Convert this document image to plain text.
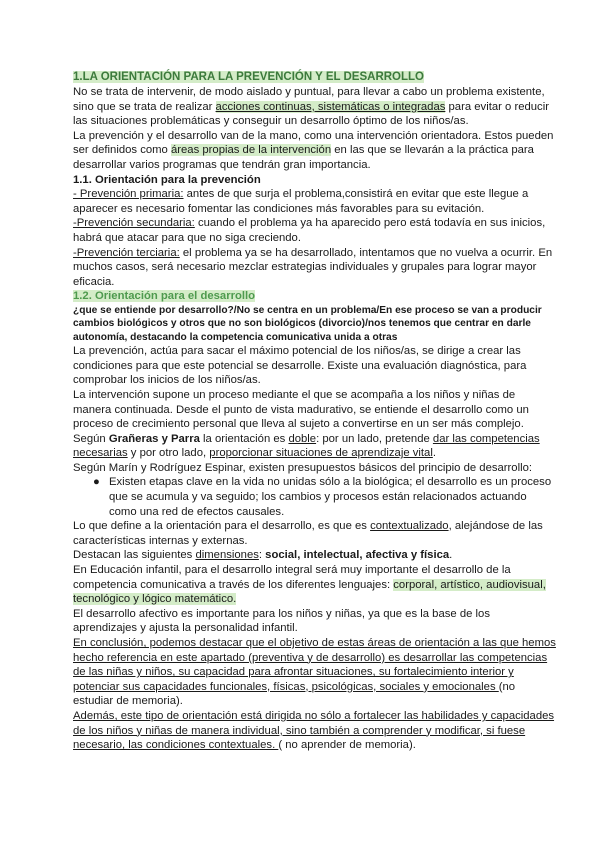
1.LA ORIENTACIÓN PARA LA PREVENCIÓN Y EL DESARROLLO

No se trata de intervenir, de modo aislado y puntual, para llevar a cabo un problema existente, sino que se trata de realizar acciones continuas, sistemáticas o integradas para evitar o reducir las situaciones problemáticas y conseguir un desarrollo óptimo de los niños/as.

La prevención y el desarrollo van de la mano, como una intervención orientadora. Estos pueden ser definidos como áreas propias de la intervención en las que se llevarán a la práctica para desarrollar varios programas que tendrán gran importancia.

1.1. Orientación para la prevención

- Prevención primaria: antes de que surja el problema,consistirá en evitar que este llegue a aparecer es necesario fomentar las condiciones más favorables para su evitación.

-Prevención secundaria: cuando el problema ya ha aparecido pero está todavía en sus inicios, habrá que atacar para que no siga creciendo.

-Prevención terciaria: el problema ya se ha desarrollado, intentamos que no vuelva a ocurrir. En muchos casos, será necesario mezclar estrategias individuales y grupales para lograr mayor eficacia.

1.2. Orientación para el desarrollo

¿que se entiende por desarrollo?/No se centra en un problema/En ese proceso se van a producir cambios biológicos y otros que no son biológicos (divorcio)/nos tenemos que centrar en darle autonomía, destacando la competencia comunicativa unida a otras

La prevención, actúa para sacar el máximo potencial de los niños/as, se dirige a crear las condiciones para que este potencial se desarrolle. Existe una evaluación diagnóstica, para comprobar los inicios de los niños/as.

La intervención supone un proceso mediante el que se acompaña a los niños y niñas de manera continuada. Desde el punto de vista madurativo, se entiende el desarrollo como un proceso de crecimiento personal que lleva al sujeto a convertirse en un ser más complejo.

Según Grañeras y Parra la orientación es doble: por un lado, pretende dar las competencias necesarias y por otro lado, proporcionar situaciones de aprendizaje vital.

Según Marín y Rodríguez Espinar, existen presupuestos básicos del principio de desarrollo:

● Existen etapas clave en la vida no unidas sólo a la biológica; el desarrollo es un proceso que se acumula y va seguido; los cambios y procesos están relacionados actuando como una red de efectos causales.

Lo que define a la orientación para el desarrollo, es que es contextualizado, alejándose de las características internas y externas.

Destacan las siguientes dimensiones: social, intelectual, afectiva y física.

En Educación infantil, para el desarrollo integral será muy importante el desarrollo de la competencia comunicativa a través de los diferentes lenguajes: corporal, artístico, audiovisual, tecnológico y lógico matemático.

El desarrollo afectivo es importante para los niños y niñas, ya que es la base de los aprendizajes y ajusta la personalidad infantil.

En conclusión, podemos destacar que el objetivo de estas áreas de orientación a las que hemos hecho referencia en este apartado (preventiva y de desarrollo) es desarrollar las competencias de las niñas y niños, su capacidad para afrontar situaciones, su fortalecimiento interior y potenciar sus capacidades funcionales, físicas, psicológicas, sociales y emocionales (no estudiar de memoria).

Además, este tipo de orientación está dirigida no sólo a fortalecer las habilidades y capacidades de los niños y niñas de manera individual, sino también a comprender y modificar, si fuese necesario, las condiciones contextuales. ( no aprender de memoria).
